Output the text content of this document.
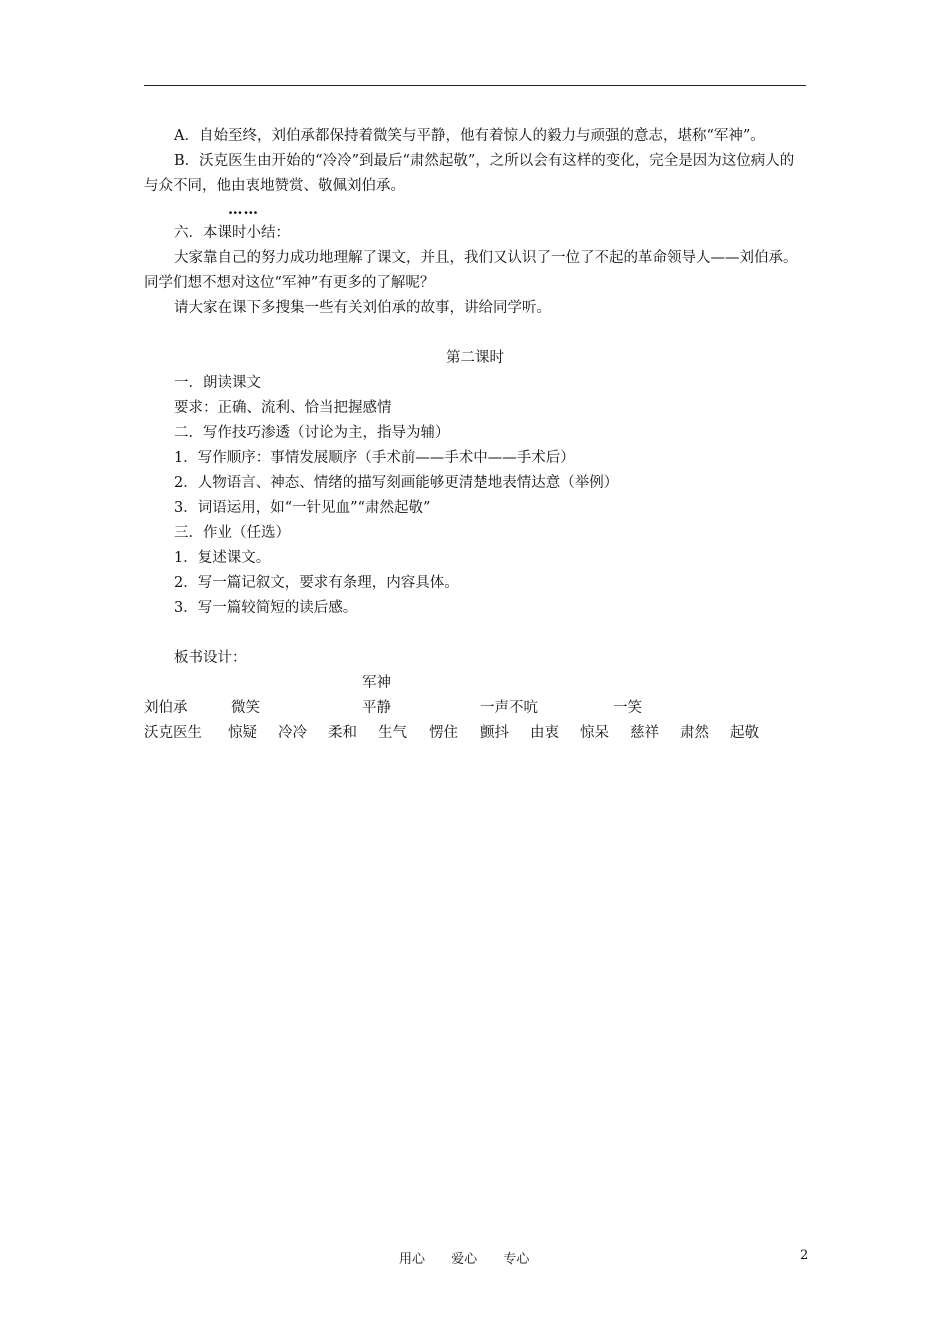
A．自始至终，刘伯承都保持着微笑与平静，他有着惊人的毅力与顽强的意志，堪称“军神”。

B．沃克医生由开始的“冷冷”到最后“肃然起敬”，之所以会有这样的变化，完全是因为这位病人的与众不同，他由衷地赞赏、敬佩刘伯承。

……

六．本课时小结：

大家靠自己的努力成功地理解了课文，并且，我们又认识了一位了不起的革命领导人——刘伯承。同学们想不想对这位“军神”有更多的了解呢？

请大家在课下多搜集一些有关刘伯承的故事，讲给同学听。

第二课时

一．朗读课文

要求：正确、流利、恰当把握感情

二．写作技巧渗透（讨论为主，指导为辅）

1．写作顺序：事情发展顺序（手术前——手术中——手术后）

2．人物语言、神态、情绪的描写刻画能够更清楚地表情达意（举例）

3．词语运用，如“一针见血”“肃然起敬”

三．作业（任选）

1．复述课文。

2．写一篇记叙文，要求有条理，内容具体。

3．写一篇较简短的读后感。

板书设计：

军神
刘伯承	微笑	平静	一声不吭	一笑
沃克医生 惊疑 冷冷 柔和 生气 愣住 颤抖 由衷 惊呆 慈祥 肃然 起敬
用心 爱心 专心	2
